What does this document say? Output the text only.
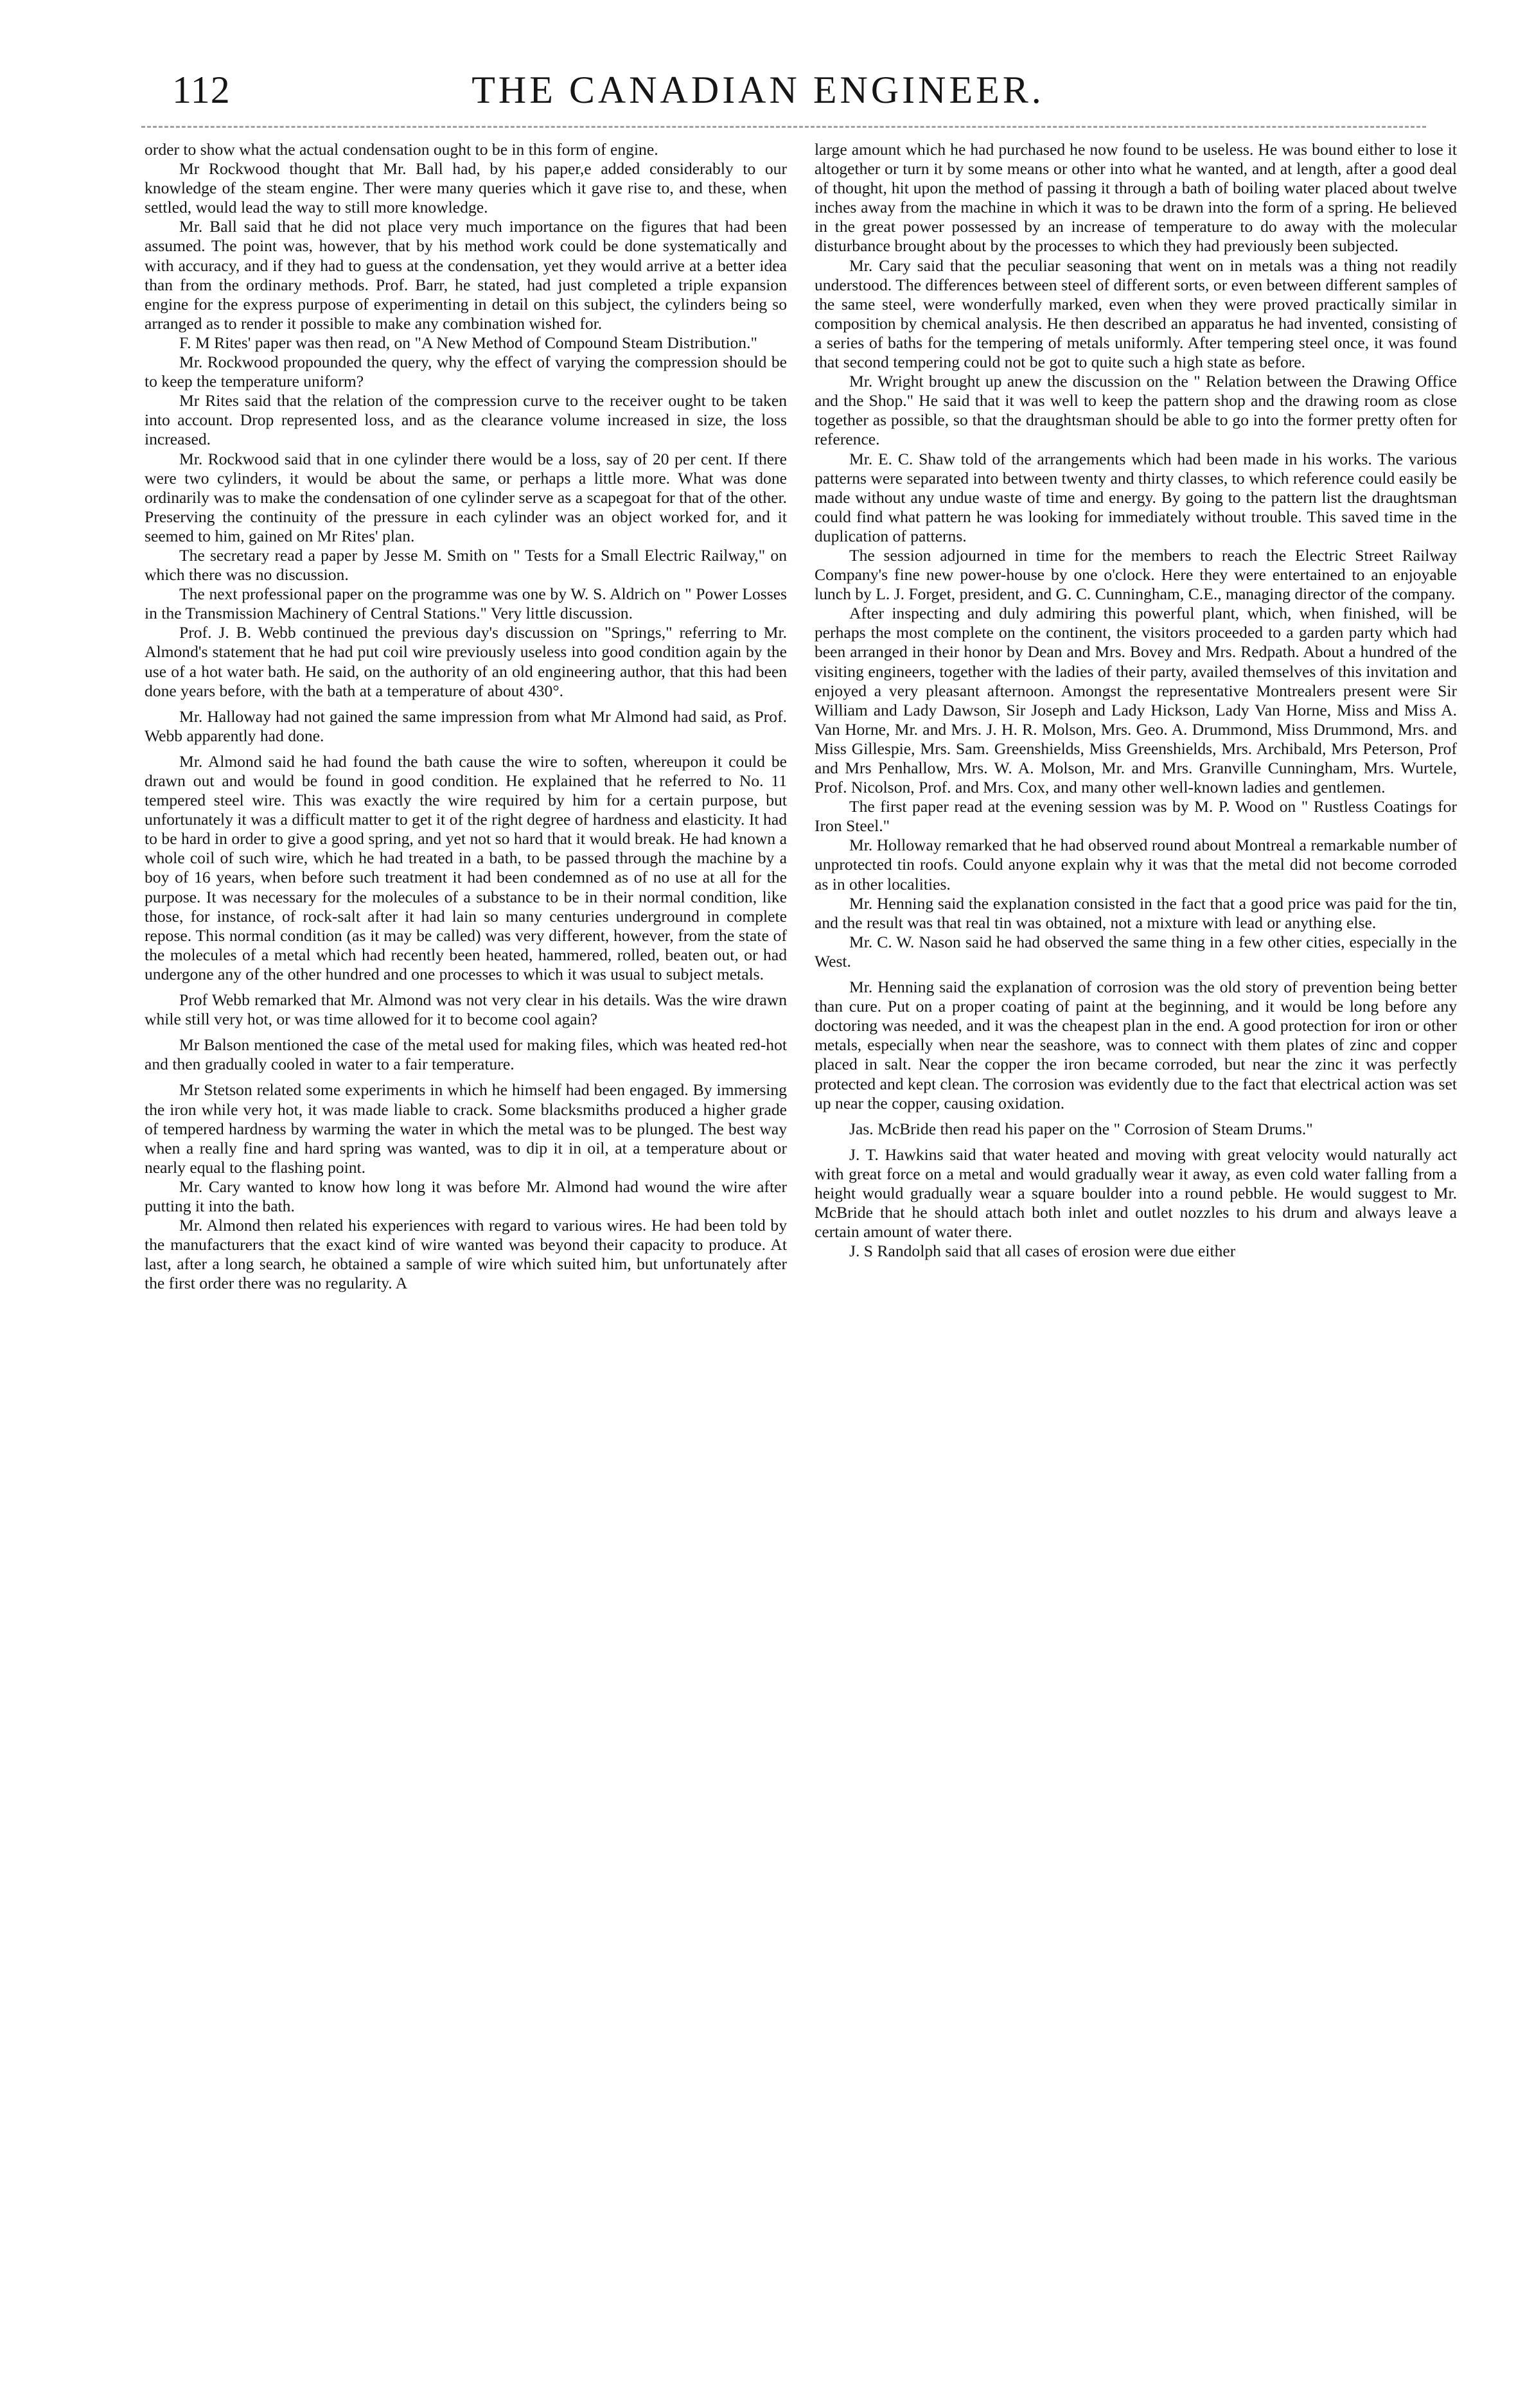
112	THE CANADIAN ENGINEER.

order to show what the actual condensation ought to be in this form of engine.

Mr Rockwood thought that Mr. Ball had, by his paper,e added considerably to our knowledge of the steam engine. Ther were many queries which it gave rise to, and these, when settled, would lead the way to still more knowledge.

Mr. Ball said that he did not place very much importance on the figures that had been assumed. The point was, however, that by his method work could be done systematically and with accuracy, and if they had to guess at the condensation, yet they would arrive at a better idea than from the ordinary methods. Prof. Barr, he stated, had just completed a triple expansion engine for the express purpose of experimenting in detail on this subject, the cylinders being so arranged as to render it possible to make any combination wished for.

F. M Rites' paper was then read, on "A New Method of Compound Steam Distribution."

Mr. Rockwood propounded the query, why the effect of varying the compression should be to keep the temperature uniform?

Mr Rites said that the relation of the compression curve to the receiver ought to be taken into account. Drop represented loss, and as the clearance volume increased in size, the loss increased.

Mr. Rockwood said that in one cylinder there would be a loss, say of 20 per cent. If there were two cylinders, it would be about the same, or perhaps a little more. What was done ordinarily was to make the condensation of one cylinder serve as a scapegoat for that of the other. Preserving the continuity of the pressure in each cylinder was an object worked for, and it seemed to him, gained on Mr Rites' plan.

The secretary read a paper by Jesse M. Smith on " Tests for a Small Electric Railway," on which there was no discussion.

The next professional paper on the programme was one by W. S. Aldrich on " Power Losses in the Transmission Machinery of Central Stations." Very little discussion.

Prof. J. B. Webb continued the previous day's discussion on "Springs," referring to Mr. Almond's statement that he had put coil wire previously useless into good condition again by the use of a hot water bath. He said, on the authority of an old engineering author, that this had been done years before, with the bath at a temperature of about 430°.

Mr. Halloway had not gained the same impression from what Mr Almond had said, as Prof. Webb apparently had done.

Mr. Almond said he had found the bath cause the wire to soften, whereupon it could be drawn out and would be found in good condition. He explained that he referred to No. 11 tempered steel wire. This was exactly the wire required by him for a certain purpose, but unfortunately it was a difficult matter to get it of the right degree of hardness and elasticity. It had to be hard in order to give a good spring, and yet not so hard that it would break. He had known a whole coil of such wire, which he had treated in a bath, to be passed through the machine by a boy of 16 years, when before such treatment it had been condemned as of no use at all for the purpose. It was necessary for the molecules of a substance to be in their normal condition, like those, for instance, of rock-salt after it had lain so many centuries underground in complete repose. This normal condition (as it may be called) was very different, however, from the state of the molecules of a metal which had recently been heated, hammered, rolled, beaten out, or had undergone any of the other hundred and one processes to which it was usual to subject metals.

Prof Webb remarked that Mr. Almond was not very clear in his details. Was the wire drawn while still very hot, or was time allowed for it to become cool again?

Mr Balson mentioned the case of the metal used for making files, which was heated red-hot and then gradually cooled in water to a fair temperature.

Mr Stetson related some experiments in which he himself had been engaged. By immersing the iron while very hot, it was made liable to crack. Some blacksmiths produced a higher grade of tempered hardness by warming the water in which the metal was to be plunged. The best way when a really fine and hard spring was wanted, was to dip it in oil, at a temperature about or nearly equal to the flashing point.

Mr. Cary wanted to know how long it was before Mr. Almond had wound the wire after putting it into the bath.

Mr. Almond then related his experiences with regard to various wires. He had been told by the manufacturers that the exact kind of wire wanted was beyond their capacity to produce. At last, after a long search, he obtained a sample of wire which suited him, but unfortunately after the first order there was no regularity. A

large amount which he had purchased he now found to be useless. He was bound either to lose it altogether or turn it by some means or other into what he wanted, and at length, after a good deal of thought, hit upon the method of passing it through a bath of boiling water placed about twelve inches away from the machine in which it was to be drawn into the form of a spring. He believed in the great power possessed by an increase of temperature to do away with the molecular disturbance brought about by the processes to which they had previously been subjected.

Mr. Cary said that the peculiar seasoning that went on in metals was a thing not readily understood. The differences between steel of different sorts, or even between different samples of the same steel, were wonderfully marked, even when they were proved practically similar in composition by chemical analysis. He then described an apparatus he had invented, consisting of a series of baths for the tempering of metals uniformly. After tempering steel once, it was found that second tempering could not be got to quite such a high state as before.

Mr. Wright brought up anew the discussion on the " Relation between the Drawing Office and the Shop." He said that it was well to keep the pattern shop and the drawing room as close together as possible, so that the draughtsman should be able to go into the former pretty often for reference.

Mr. E. C. Shaw told of the arrangements which had been made in his works. The various patterns were separated into between twenty and thirty classes, to which reference could easily be made without any undue waste of time and energy. By going to the pattern list the draughtsman could find what pattern he was looking for immediately without trouble. This saved time in the duplication of patterns.

The session adjourned in time for the members to reach the Electric Street Railway Company's fine new power-house by one o'clock. Here they were entertained to an enjoyable lunch by L. J. Forget, president, and G. C. Cunningham, C.E., managing director of the company.

After inspecting and duly admiring this powerful plant, which, when finished, will be perhaps the most complete on the continent, the visitors proceeded to a garden party which had been arranged in their honor by Dean and Mrs. Bovey and Mrs. Redpath. About a hundred of the visiting engineers, together with the ladies of their party, availed themselves of this invitation and enjoyed a very pleasant afternoon. Amongst the representative Montrealers present were Sir William and Lady Dawson, Sir Joseph and Lady Hickson, Lady Van Horne, Miss and Miss A. Van Horne, Mr. and Mrs. J. H. R. Molson, Mrs. Geo. A. Drummond, Miss Drummond, Mrs. and Miss Gillespie, Mrs. Sam. Greenshields, Miss Greenshields, Mrs. Archibald, Mrs Peterson, Prof and Mrs Penhallow, Mrs. W. A. Molson, Mr. and Mrs. Granville Cunningham, Mrs. Wurtele, Prof. Nicolson, Prof. and Mrs. Cox, and many other well-known ladies and gentlemen.

The first paper read at the evening session was by M. P. Wood on " Rustless Coatings for Iron Steel."

Mr. Holloway remarked that he had observed round about Montreal a remarkable number of unprotected tin roofs. Could anyone explain why it was that the metal did not become corroded as in other localities.

Mr. Henning said the explanation consisted in the fact that a good price was paid for the tin, and the result was that real tin was obtained, not a mixture with lead or anything else.

Mr. C. W. Nason said he had observed the same thing in a few other cities, especially in the West.

Mr. Henning said the explanation of corrosion was the old story of prevention being better than cure. Put on a proper coating of paint at the beginning, and it would be long before any doctoring was needed, and it was the cheapest plan in the end. A good protection for iron or other metals, especially when near the seashore, was to connect with them plates of zinc and copper placed in salt. Near the copper the iron became corroded, but near the zinc it was perfectly protected and kept clean. The corrosion was evidently due to the fact that electrical action was set up near the copper, causing oxidation.

Jas. McBride then read his paper on the " Corrosion of Steam Drums."

J. T. Hawkins said that water heated and moving with great velocity would naturally act with great force on a metal and would gradually wear it away, as even cold water falling from a height would gradually wear a square boulder into a round pebble. He would suggest to Mr. McBride that he should attach both inlet and outlet nozzles to his drum and always leave a certain amount of water there.

J. S Randolph said that all cases of erosion were due either
